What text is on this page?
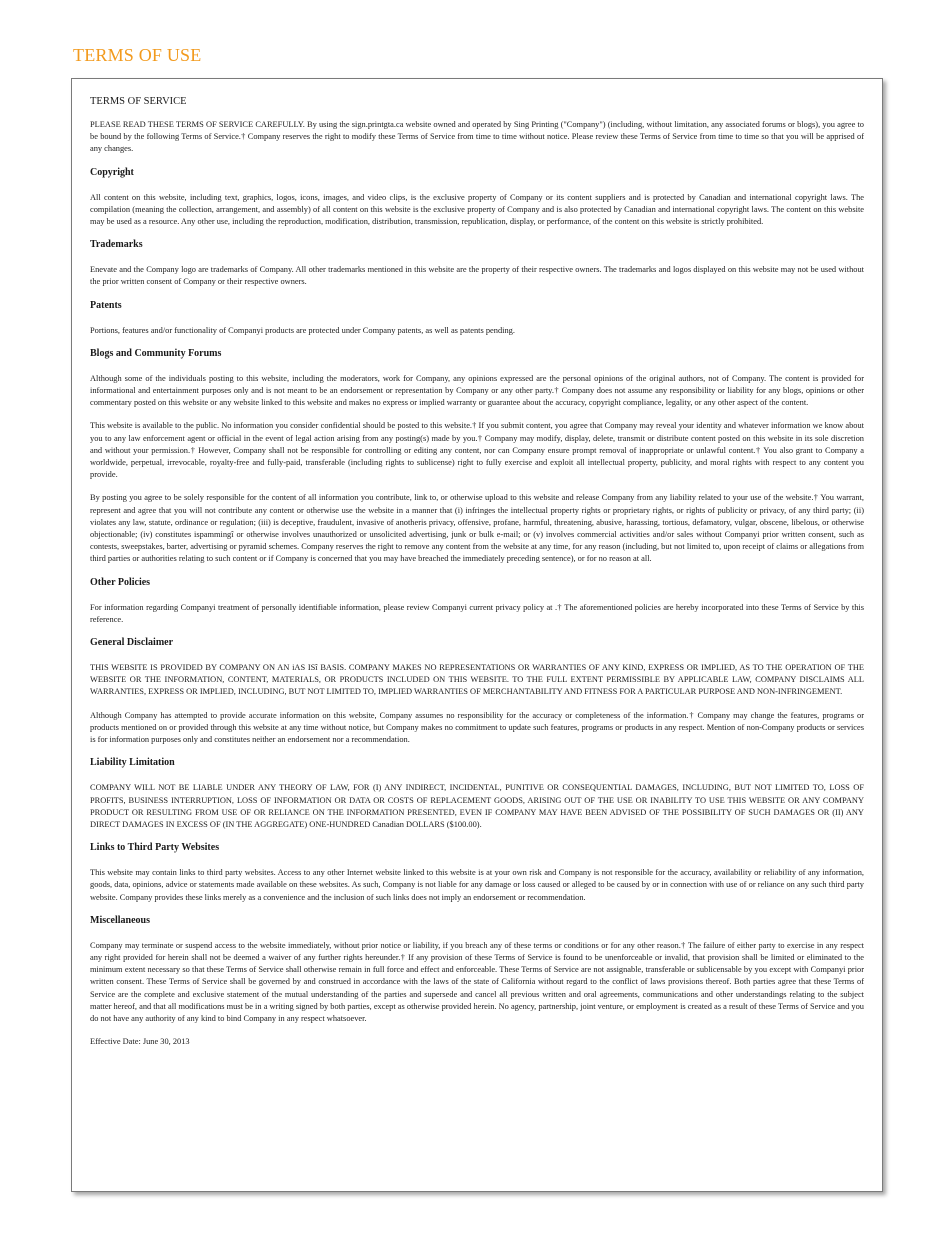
TERMS OF USE
TERMS OF SERVICE

PLEASE READ THESE TERMS OF SERVICE CAREFULLY. By using the sign.printgta.ca website owned and operated by Sing Printing ("Company") (including, without limitation, any associated forums or blogs), you agree to be bound by the following Terms of Service.† Company reserves the right to modify these Terms of Service from time to time without notice. Please review these Terms of Service from time to time so that you will be apprised of any changes.

Copyright

All content on this website, including text, graphics, logos, icons, images, and video clips, is the exclusive property of Company or its content suppliers and is protected by Canadian and international copyright laws. The compilation (meaning the collection, arrangement, and assembly) of all content on this website is the exclusive property of Company and is also protected by Canadian and international copyright laws. The content on this website may be used as a resource. Any other use, including the reproduction, modification, distribution, transmission, republication, display, or performance, of the content on this website is strictly prohibited.

Trademarks

Enevate and the Company logo are trademarks of Company. All other trademarks mentioned in this website are the property of their respective owners. The trademarks and logos displayed on this website may not be used without the prior written consent of Company or their respective owners.

Patents

Portions, features and/or functionality of Companyi products are protected under Company patents, as well as patents pending.

Blogs and Community Forums

Although some of the individuals posting to this website, including the moderators, work for Company, any opinions expressed are the personal opinions of the original authors, not of Company. The content is provided for informational and entertainment purposes only and is not meant to be an endorsement or representation by Company or any other party.† Company does not assume any responsibility or liability for any blogs, opinions or other commentary posted on this website or any website linked to this website and makes no express or implied warranty or guarantee about the accuracy, copyright compliance, legality, or any other aspect of the content.

This website is available to the public. No information you consider confidential should be posted to this website.† If you submit content, you agree that Company may reveal your identity and whatever information we know about you to any law enforcement agent or official in the event of legal action arising from any posting(s) made by you.† Company may modify, display, delete, transmit or distribute content posted on this website in its sole discretion and without your permission.† However, Company shall not be responsible for controlling or editing any content, nor can Company ensure prompt removal of inappropriate or unlawful content.† You also grant to Company a worldwide, perpetual, irrevocable, royalty-free and fully-paid, transferable (including rights to sublicense) right to fully exercise and exploit all intellectual property, publicity, and moral rights with respect to any content you provide.

By posting you agree to be solely responsible for the content of all information you contribute, link to, or otherwise upload to this website and release Company from any liability related to your use of the website.† You warrant, represent and agree that you will not contribute any content or otherwise use the website in a manner that (i) infringes the intellectual property rights or proprietary rights, or rights of publicity or privacy, of any third party; (ii) violates any law, statute, ordinance or regulation; (iii) is deceptive, fraudulent, invasive of anotheris privacy, offensive, profane, harmful, threatening, abusive, harassing, tortious, defamatory, vulgar, obscene, libelous, or otherwise objectionable; (iv) constitutes ispammingî or otherwise involves unauthorized or unsolicited advertising, junk or bulk e-mail; or (v) involves commercial activities and/or sales without Companyi prior written consent, such as contests, sweepstakes, barter, advertising or pyramid schemes. Company reserves the right to remove any content from the website at any time, for any reason (including, but not limited to, upon receipt of claims or allegations from third parties or authorities relating to such content or if Company is concerned that you may have breached the immediately preceding sentence), or for no reason at all.

Other Policies

For information regarding Companyi treatment of personally identifiable information, please review Companyi current privacy policy at .† The aforementioned policies are hereby incorporated into these Terms of Service by this reference.

General Disclaimer

THIS WEBSITE IS PROVIDED BY COMPANY ON AN iAS ISî BASIS. COMPANY MAKES NO REPRESENTATIONS OR WARRANTIES OF ANY KIND, EXPRESS OR IMPLIED, AS TO THE OPERATION OF THE WEBSITE OR THE INFORMATION, CONTENT, MATERIALS, OR PRODUCTS INCLUDED ON THIS WEBSITE. TO THE FULL EXTENT PERMISSIBLE BY APPLICABLE LAW, COMPANY DISCLAIMS ALL WARRANTIES, EXPRESS OR IMPLIED, INCLUDING, BUT NOT LIMITED TO, IMPLIED WARRANTIES OF MERCHANTABILITY AND FITNESS FOR A PARTICULAR PURPOSE AND NON-INFRINGEMENT.

Although Company has attempted to provide accurate information on this website, Company assumes no responsibility for the accuracy or completeness of the information.† Company may change the features, programs or products mentioned on or provided through this website at any time without notice, but Company makes no commitment to update such features, programs or products in any respect. Mention of non-Company products or services is for information purposes only and constitutes neither an endorsement nor a recommendation.

Liability Limitation

COMPANY WILL NOT BE LIABLE UNDER ANY THEORY OF LAW, FOR (I) ANY INDIRECT, INCIDENTAL, PUNITIVE OR CONSEQUENTIAL DAMAGES, INCLUDING, BUT NOT LIMITED TO, LOSS OF PROFITS, BUSINESS INTERRUPTION, LOSS OF INFORMATION OR DATA OR COSTS OF REPLACEMENT GOODS, ARISING OUT OF THE USE OR INABILITY TO USE THIS WEBSITE OR ANY COMPANY PRODUCT OR RESULTING FROM USE OF OR RELIANCE ON THE INFORMATION PRESENTED, EVEN IF COMPANY MAY HAVE BEEN ADVISED OF THE POSSIBILITY OF SUCH DAMAGES OR (II) ANY DIRECT DAMAGES IN EXCESS OF (IN THE AGGREGATE) ONE-HUNDRED Canadian DOLLARS ($100.00).

Links to Third Party Websites

This website may contain links to third party websites. Access to any other Internet website linked to this website is at your own risk and Company is not responsible for the accuracy, availability or reliability of any information, goods, data, opinions, advice or statements made available on these websites. As such, Company is not liable for any damage or loss caused or alleged to be caused by or in connection with use of or reliance on any such third party website. Company provides these links merely as a convenience and the inclusion of such links does not imply an endorsement or recommendation.

Miscellaneous

Company may terminate or suspend access to the website immediately, without prior notice or liability, if you breach any of these terms or conditions or for any other reason.† The failure of either party to exercise in any respect any right provided for herein shall not be deemed a waiver of any further rights hereunder.† If any provision of these Terms of Service is found to be unenforceable or invalid, that provision shall be limited or eliminated to the minimum extent necessary so that these Terms of Service shall otherwise remain in full force and effect and enforceable. These Terms of Service are not assignable, transferable or sublicensable by you except with Companyi prior written consent. These Terms of Service shall be governed by and construed in accordance with the laws of the state of California without regard to the conflict of laws provisions thereof. Both parties agree that these Terms of Service are the complete and exclusive statement of the mutual understanding of the parties and supersede and cancel all previous written and oral agreements, communications and other understandings relating to the subject matter hereof, and that all modifications must be in a writing signed by both parties, except as otherwise provided herein. No agency, partnership, joint venture, or employment is created as a result of these Terms of Service and you do not have any authority of any kind to bind Company in any respect whatsoever.

Effective Date: June 30, 2013
